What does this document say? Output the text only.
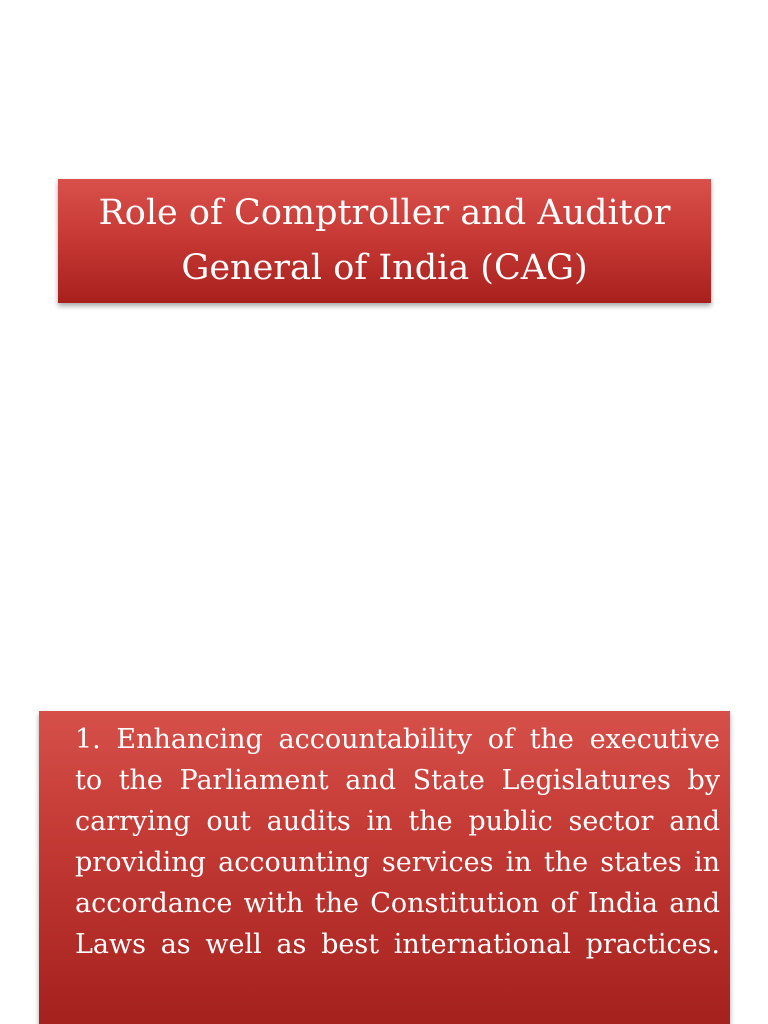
Role of Comptroller and Auditor General of India (CAG)

1. Enhancing accountability of the executive to the Parliament and State Legislatures by carrying out audits in the public sector and providing accounting services in the states in accordance with the Constitution of India and Laws as well as best international practices.
